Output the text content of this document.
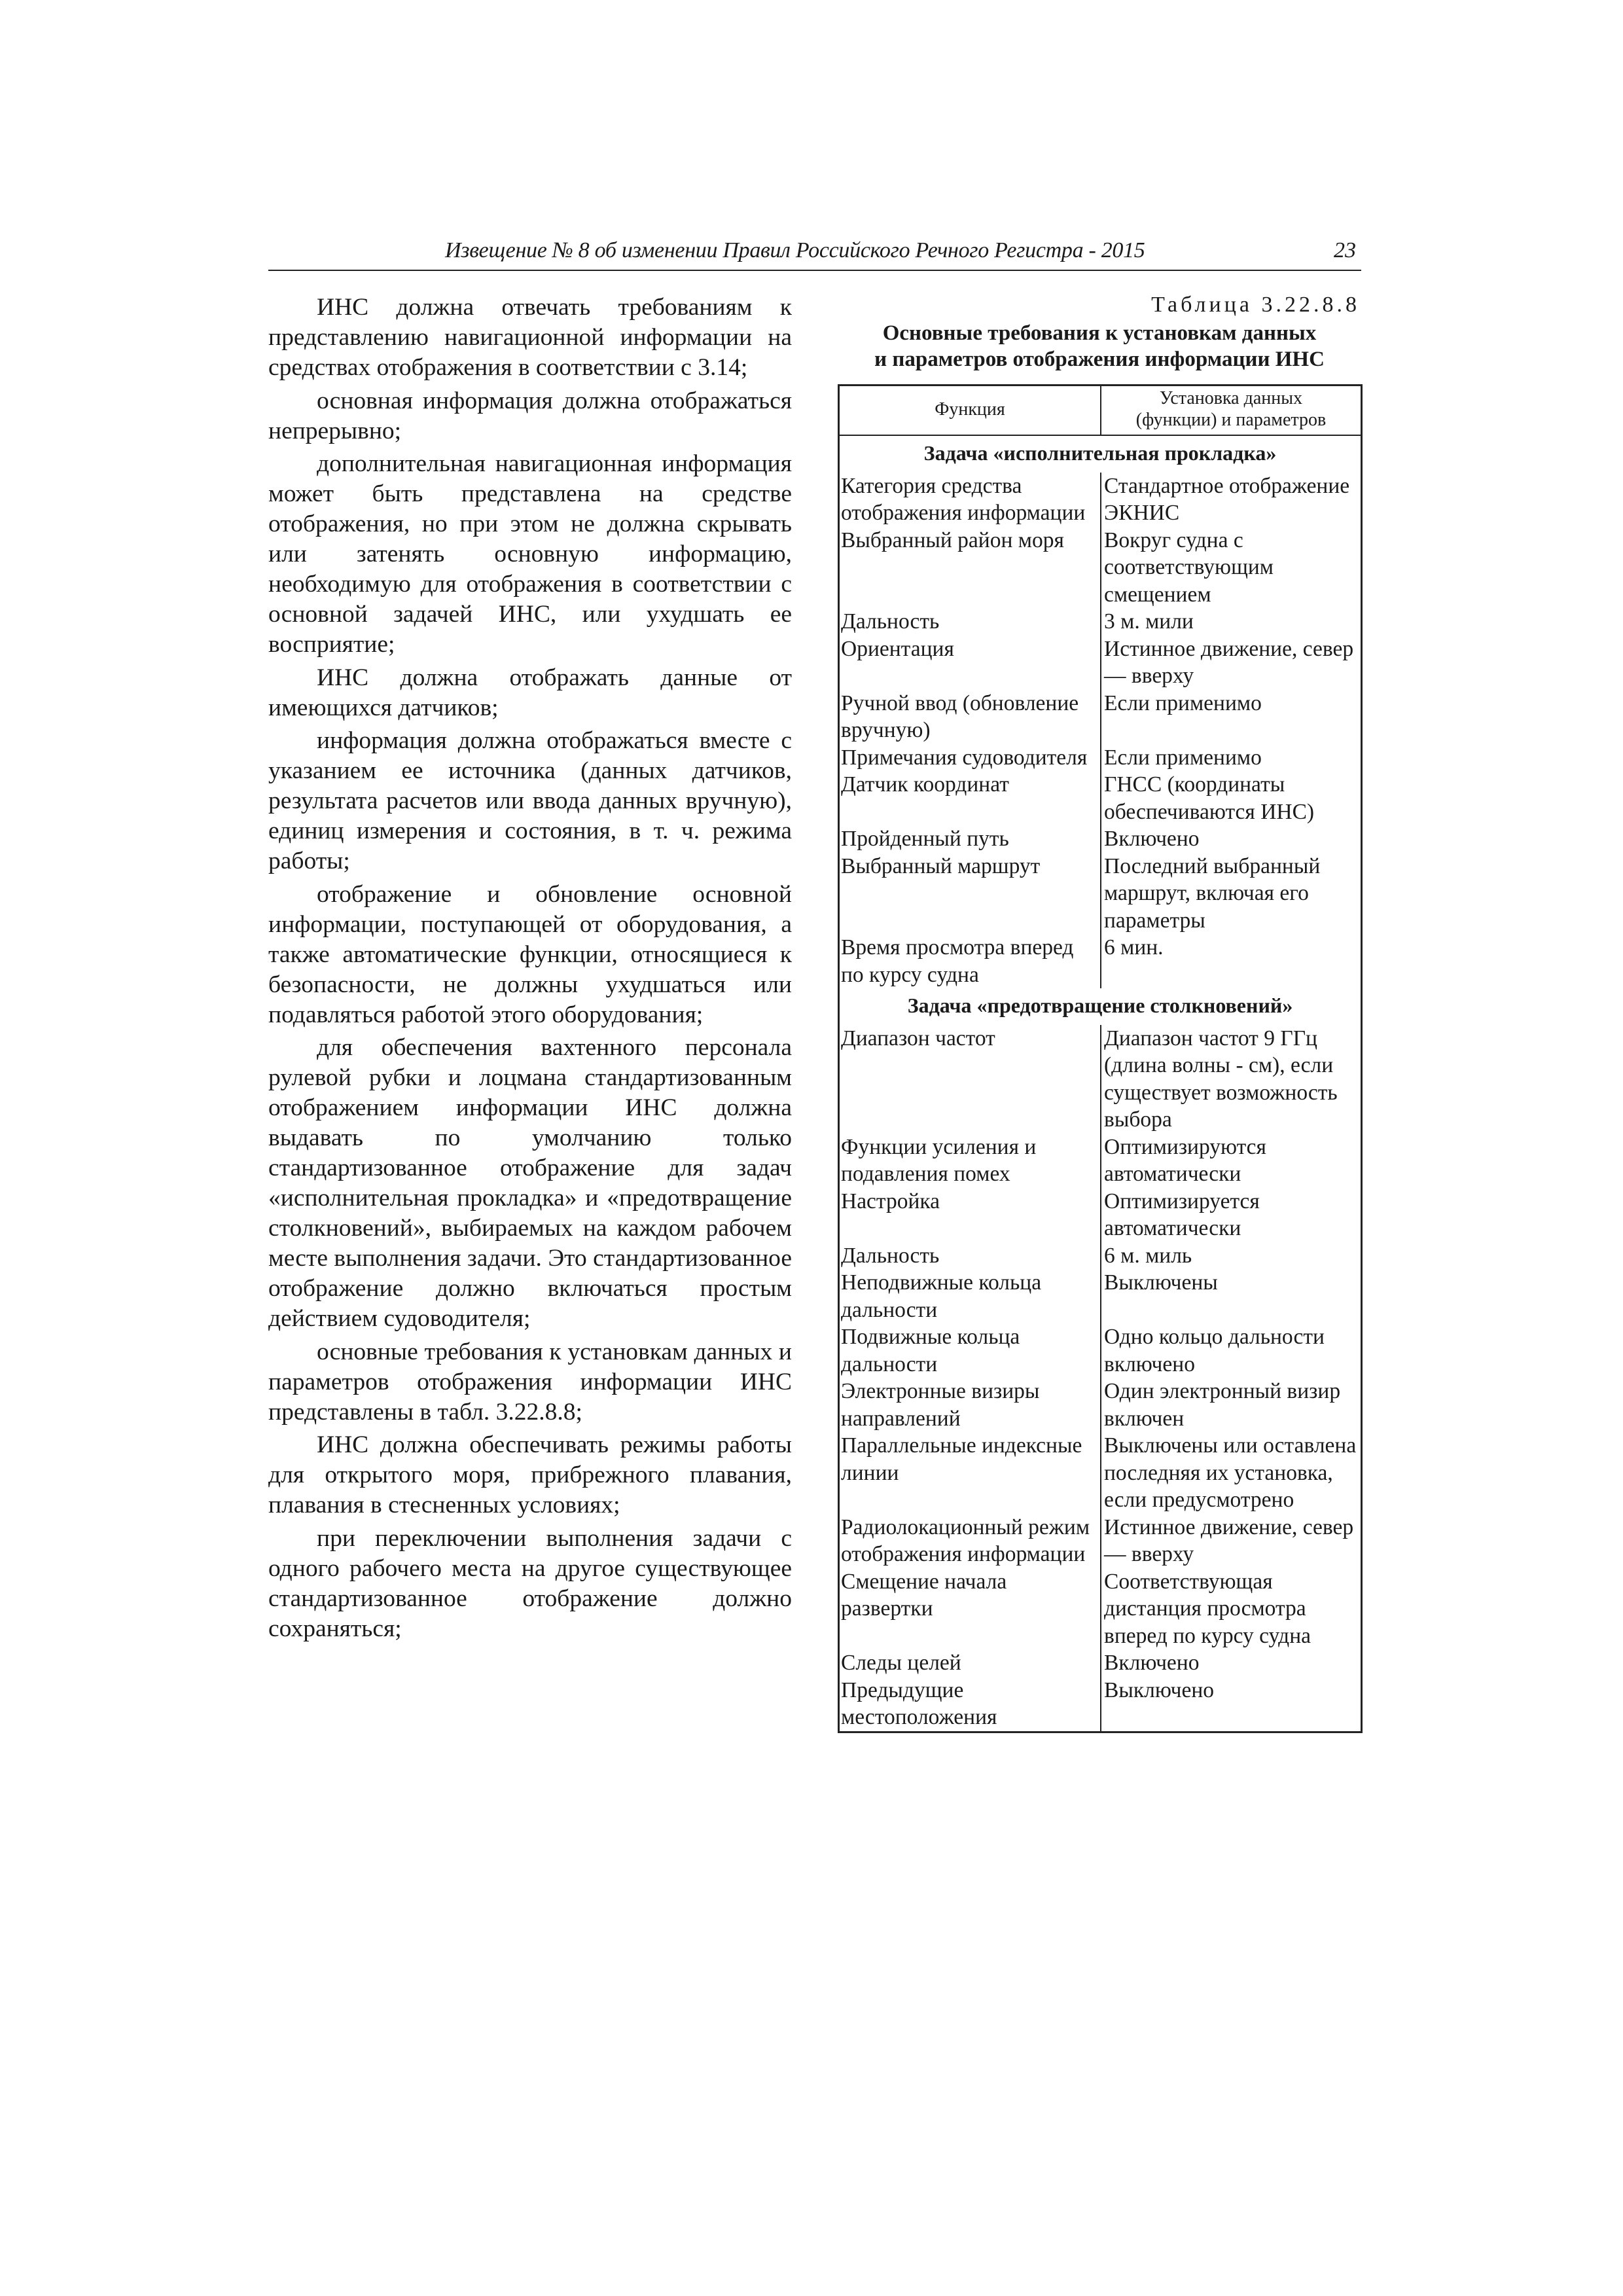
Извещение № 8 об изменении Правил Российского Речного Регистра - 2015	23

ИНС должна отвечать требованиям к представлению навигационной информации на средствах отображения в соответствии с 3.14;

основная информация должна отображаться непрерывно;

дополнительная навигационная информация может быть представлена на средстве отображения, но при этом не должна скрывать или затенять основную информацию, необходимую для отображения в соответствии с основной задачей ИНС, или ухудшать ее восприятие;

ИНС должна отображать данные от имеющихся датчиков;

информация должна отображаться вместе с указанием ее источника (данных датчиков, результата расчетов или ввода данных вручную), единиц измерения и состояния, в т. ч. режима работы;

отображение и обновление основной информации, поступающей от оборудования, а также автоматические функции, относящиеся к безопасности, не должны ухудшаться или подавляться работой этого оборудования;

для обеспечения вахтенного персонала рулевой рубки и лоцмана стандартизованным отображением информации ИНС должна выдавать по умолчанию только стандартизованное отображение для задач «исполнительная прокладка» и «предотвращение столкновений», выбираемых на каждом рабочем месте выполнения задачи. Это стандартизованное отображение должно включаться простым действием судоводителя;

основные требования к установкам данных и параметров отображения информации ИНС представлены в табл. 3.22.8.8;

ИНС должна обеспечивать режимы работы для открытого моря, прибрежного плавания, плавания в стесненных условиях;

при переключении выполнения задачи с одного рабочего места на другое существующее стандартизованное отображение должно сохраняться;

Таблица 3.22.8.8
Основные требования к установкам данных
и параметров отображения информации ИНС
Функция	Установка данных
(функции) и параметров

Задача «исполнительная прокладка»	
Категория средства отображения информации	Стандартное отображение ЭКНИС
Выбранный район моря	Вокруг судна с соответствующим смещением
Дальность	3 м. мили
Ориентация	Истинное движение, север — вверху
Ручной ввод (обновление вручную)	Если применимо
Примечания судоводителя	Если применимо
Датчик координат	ГНСС (координаты обеспечиваются ИНС)
Пройденный путь	Включено
Выбранный маршрут	Последний выбранный маршрут, включая его параметры
Время просмотра вперед по курсу судна	6 мин.
Задача «предотвращение столкновений»	
Диапазон частот	Диапазон частот 9 ГГц (длина волны - см), если существует возможность выбора
Функции усиления и подавления помех	Оптимизируются автоматически
Настройка	Оптимизируется автоматически
Дальность	6 м. миль
Неподвижные кольца дальности	Выключены
Подвижные кольца дальности	Одно кольцо дальности включено
Электронные визиры направлений	Один электронный визир включен
Параллельные индексные линии	Выключены или оставлена последняя их установка, если предусмотрено
Радиолокационный режим отображения информации	Истинное движение, север — вверху
Смещение начала развертки	Соответствующая дистанция просмотра вперед по курсу судна
Следы целей	Включено
Предыдущие местоположения	Выключено
